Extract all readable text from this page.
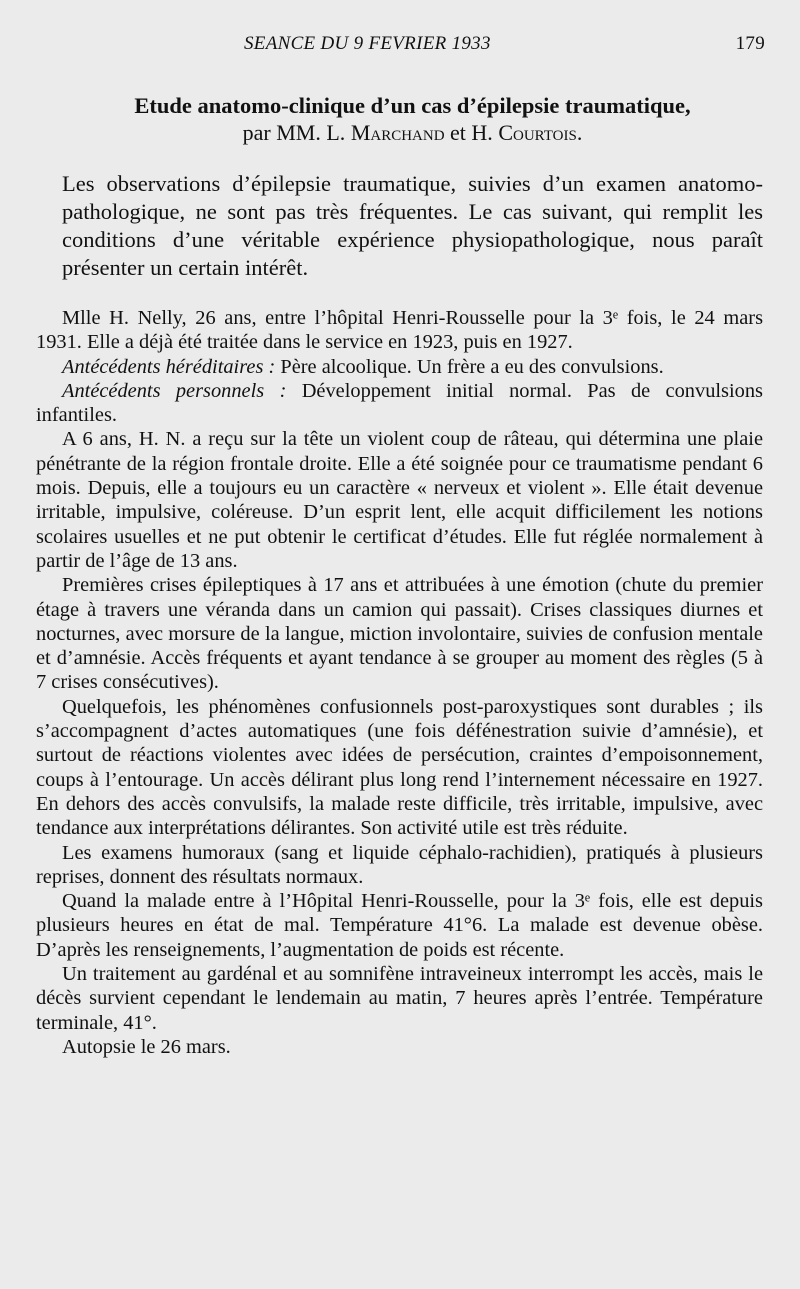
SEANCE DU 9 FEVRIER 1933	179
Etude anatomo-clinique d’un cas d’épilepsie traumatique,
par MM. L. Marchand et H. Courtois.

Les observations d’épilepsie traumatique, suivies d’un examen anatomo-pathologique, ne sont pas très fréquentes. Le cas suivant, qui remplit les conditions d’une véritable expérience physiopathologique, nous paraît présenter un certain intérêt.

Mlle H. Nelly, 26 ans, entre l’hôpital Henri-Rousselle pour la 3ᵉ fois, le 24 mars 1931. Elle a déjà été traitée dans le service en 1923, puis en 1927.

Antécédents héréditaires : Père alcoolique. Un frère a eu des convulsions.

Antécédents personnels : Développement initial normal. Pas de convulsions infantiles.

A 6 ans, H. N. a reçu sur la tête un violent coup de râteau, qui détermina une plaie pénétrante de la région frontale droite. Elle a été soignée pour ce traumatisme pendant 6 mois. Depuis, elle a toujours eu un caractère « nerveux et violent ». Elle était devenue irritable, impulsive, coléreuse. D’un esprit lent, elle acquit difficilement les notions scolaires usuelles et ne put obtenir le certificat d’études. Elle fut réglée normalement à partir de l’âge de 13 ans.

Premières crises épileptiques à 17 ans et attribuées à une émotion (chute du premier étage à travers une véranda dans un camion qui passait). Crises classiques diurnes et nocturnes, avec morsure de la langue, miction involontaire, suivies de confusion mentale et d’amnésie. Accès fréquents et ayant tendance à se grouper au moment des règles (5 à 7 crises consécutives).

Quelquefois, les phénomènes confusionnels post-paroxystiques sont durables ; ils s’accompagnent d’actes automatiques (une fois défénestration suivie d’amnésie), et surtout de réactions violentes avec idées de persécution, craintes d’empoisonnement, coups à l’entourage. Un accès délirant plus long rend l’internement nécessaire en 1927. En dehors des accès convulsifs, la malade reste difficile, très irritable, impulsive, avec tendance aux interprétations délirantes. Son activité utile est très réduite.

Les examens humoraux (sang et liquide céphalo-rachidien), pratiqués à plusieurs reprises, donnent des résultats normaux.

Quand la malade entre à l’Hôpital Henri-Rousselle, pour la 3ᵉ fois, elle est depuis plusieurs heures en état de mal. Température 41°6. La malade est devenue obèse. D’après les renseignements, l’augmentation de poids est récente.

Un traitement au gardénal et au somnifène intraveineux interrompt les accès, mais le décès survient cependant le lendemain au matin, 7 heures après l’entrée. Température terminale, 41°.

Autopsie le 26 mars.
